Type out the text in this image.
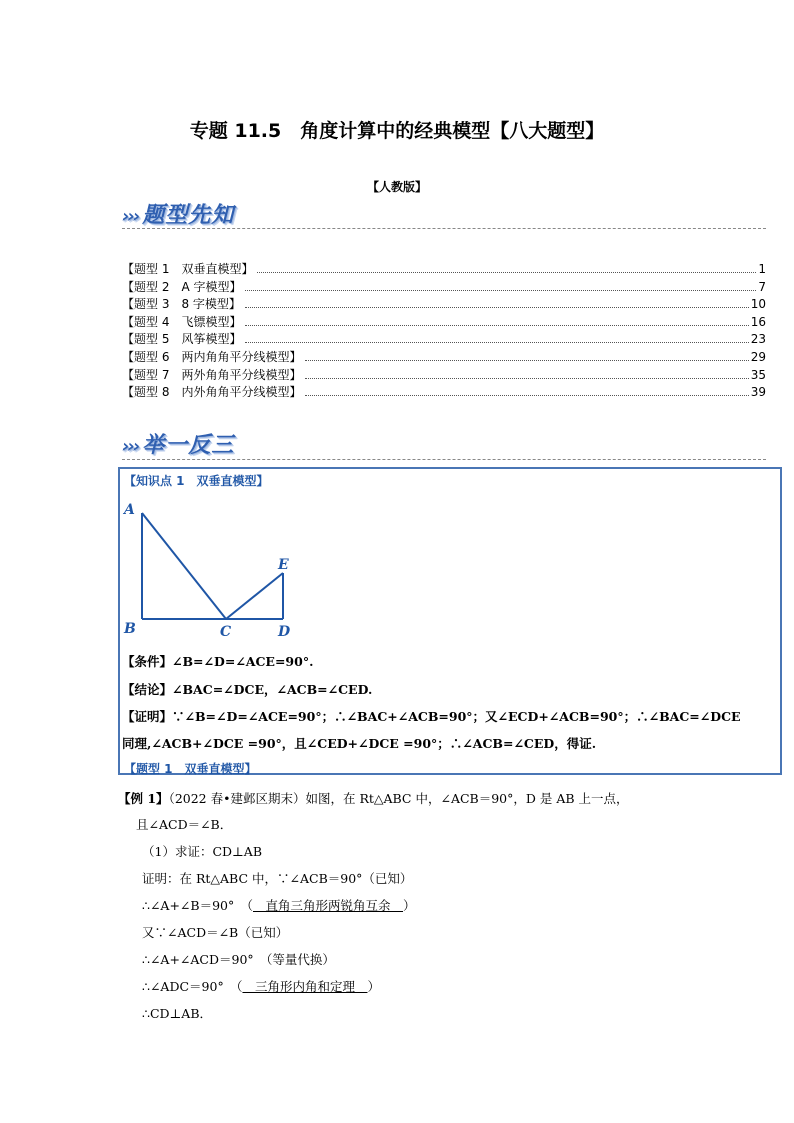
专题 11.5　角度计算中的经典模型【八大题型】
【人教版】
››› 题型先知
【题型 1　双垂直模型】	1
【题型 2　A 字模型】	7
【题型 3　8 字模型】	10
【题型 4　飞镖模型】	16
【题型 5　风筝模型】	23
【题型 6　两内角角平分线模型】	29
【题型 7　两外角角平分线模型】	35
【题型 8　内外角角平分线模型】	39
››› 举一反三
【知识点 1　双垂直模型】
A
B	C	D
E
【条件】∠B=∠D=∠ACE=90°.
【结论】∠BAC=∠DCE，∠ACB=∠CED.
【证明】∵∠B=∠D=∠ACE=90°；∴∠BAC+∠ACB=90°；又∠ECD+∠ACB=90°；∴∠BAC=∠DCE
同理,∠ACB+∠DCE =90°，且∠CED+∠DCE =90°；∴∠ACB=∠CED，得证.
【题型 1　双垂直模型】
【例 1】（2022 春•建邺区期末）如图，在 Rt△ABC 中，∠ACB＝90°，D 是 AB 上一点，
且∠ACD＝∠B．
（1）求证：CD⊥AB
证明：在 Rt△ABC 中，∵∠ACB＝90°（已知）
∴∠A+∠B＝90°　（　直角三角形两锐角互余　）
又∵∠ACD＝∠B（已知）
∴∠A+∠ACD＝90°　（等量代换）
∴∠ADC＝90°　（　三角形内角和定理　）
∴CD⊥AB．
